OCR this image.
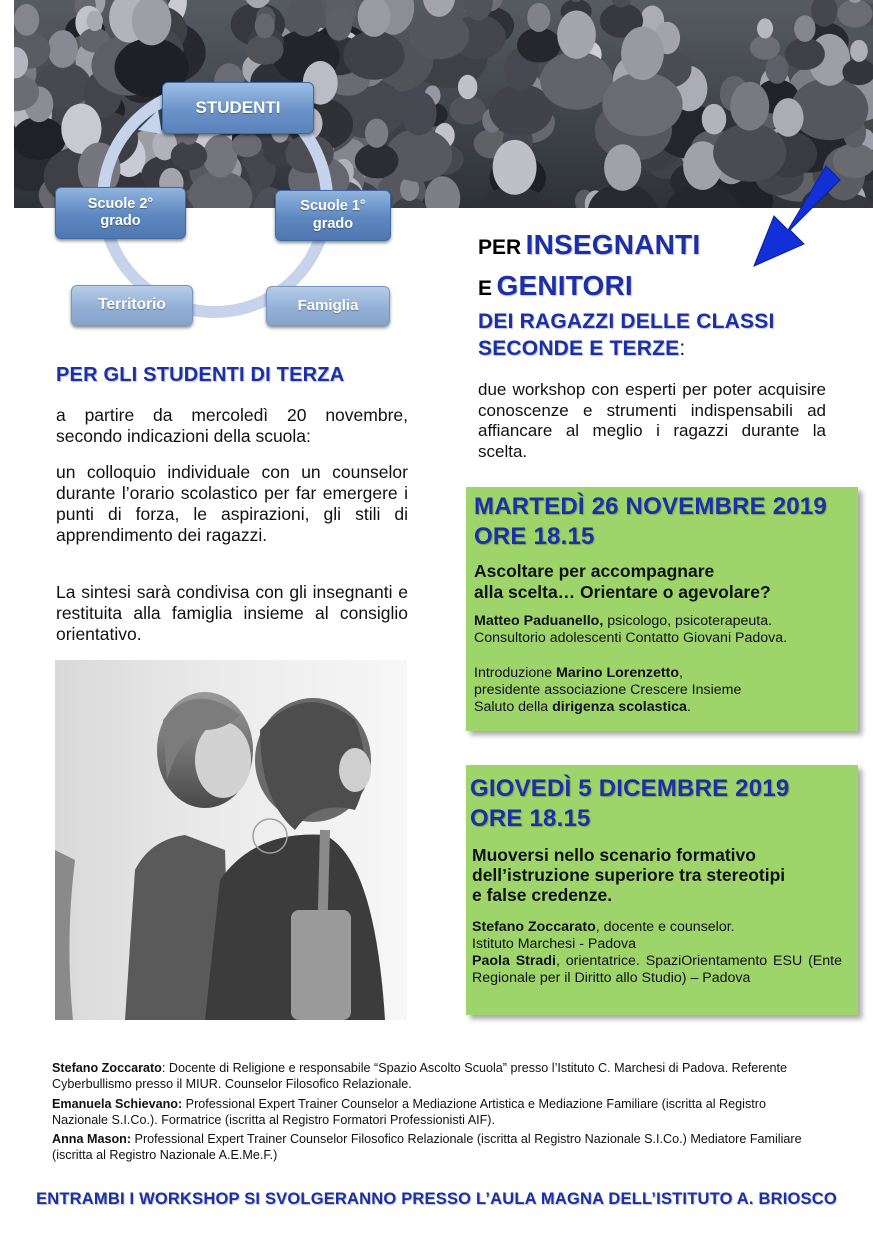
STUDENTI
Scuole 2°
grado
Scuole 1°
grado
Territorio	Famiglia
PER INSEGNANTI
E GENITORI
DEI RAGAZZI DELLE CLASSI
SECONDE E TERZE:
due workshop con esperti per poter acquisire conoscenze e strumenti indispensabili ad affiancare al meglio i ragazzi durante la scelta.
PER GLI STUDENTI DI TERZA
a partire da mercoledì 20 novembre, secondo indicazioni della scuola:
un colloquio individuale con un counselor durante l’orario scolastico per far emergere i punti di forza, le aspirazioni, gli stili di apprendimento dei ragazzi.
La sintesi sarà condivisa con gli insegnanti e restituita alla famiglia insieme al consiglio orientativo.
MARTEDÌ 26 NOVEMBRE 2019
ORE 18.15
Ascoltare per accompagnare
alla scelta… Orientare o agevolare?
Matteo Paduanello, psicologo, psicoterapeuta.
Consultorio adolescenti Contatto Giovani Padova.
Introduzione Marino Lorenzetto,
presidente associazione Crescere Insieme
Saluto della dirigenza scolastica.
GIOVEDÌ 5 DICEMBRE 2019
ORE 18.15
Muoversi nello scenario formativo
dell’istruzione superiore tra stereotipi
e false credenze.
Stefano Zoccarato, docente e counselor.
Istituto Marchesi - Padova
Paola Stradi, orientatrice. SpaziOrientamento ESU (Ente Regionale per il Diritto allo Studio) – Padova
Stefano Zoccarato: Docente di Religione e responsabile “Spazio Ascolto Scuola” presso l’Istituto C. Marchesi di Padova. Referente Cyberbullismo presso il MIUR. Counselor Filosofico Relazionale.
Emanuela Schievano: Professional Expert Trainer Counselor a Mediazione Artistica e Mediazione Familiare (iscritta al Registro Nazionale S.I.Co.). Formatrice (iscritta al Registro Formatori Professionisti AIF).
Anna Mason: Professional Expert Trainer Counselor Filosofico Relazionale (iscritta al Registro Nazionale S.I.Co.) Mediatore Familiare (iscritta al Registro Nazionale A.E.Me.F.)
ENTRAMBI I WORKSHOP SI SVOLGERANNO PRESSO L’AULA MAGNA DELL’ISTITUTO A. BRIOSCO
